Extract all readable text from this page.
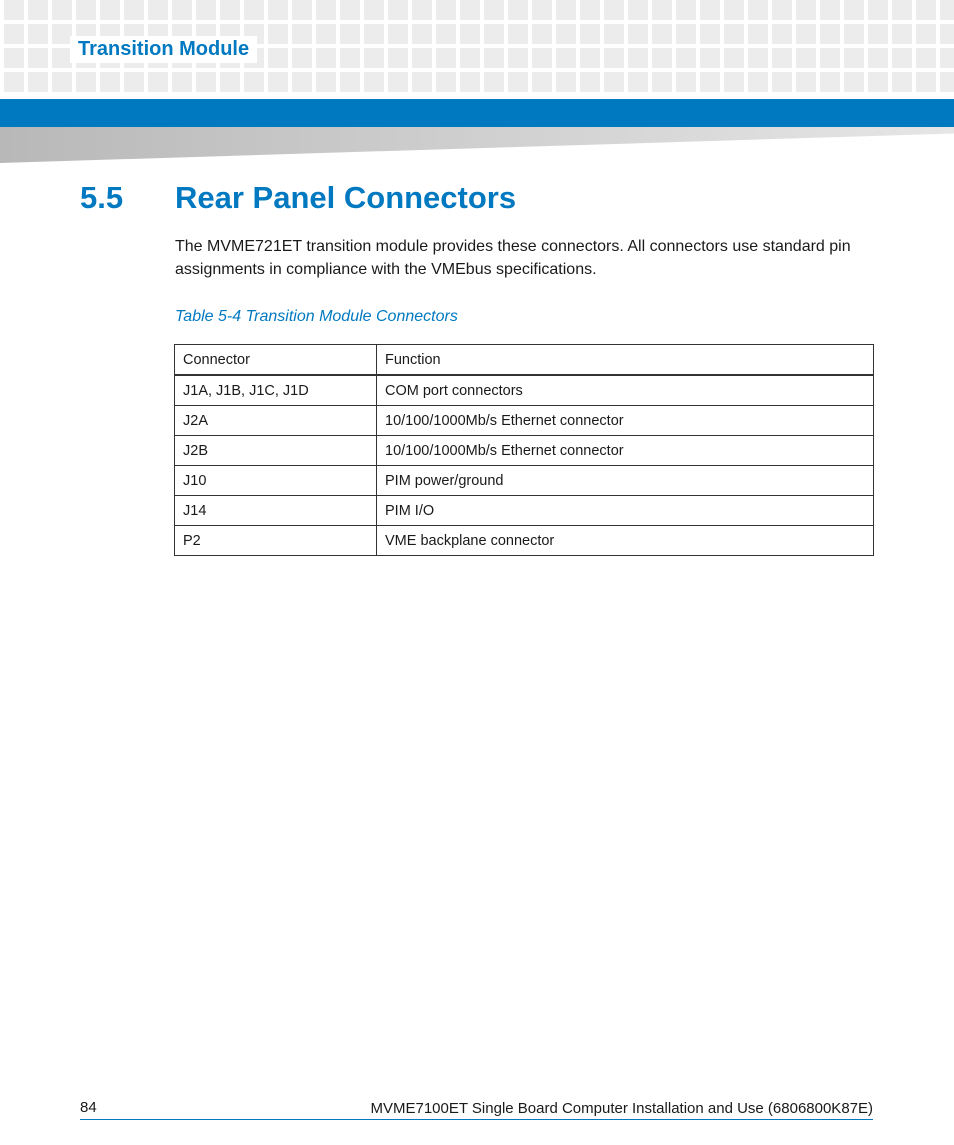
Transition Module
5.5 Rear Panel Connectors

The MVME721ET transition module provides these connectors. All connectors use standard pin assignments in compliance with the VMEbus specifications.

Table 5-4 Transition Module Connectors
Connector	Function
J1A, J1B, J1C, J1D	COM port connectors
J2A	10/100/1000Mb/s Ethernet connector
J2B	10/100/1000Mb/s Ethernet connector
J10	PIM power/ground
J14	PIM I/O
P2	VME backplane connector
84	MVME7100ET Single Board Computer Installation and Use (6806800K87E)
